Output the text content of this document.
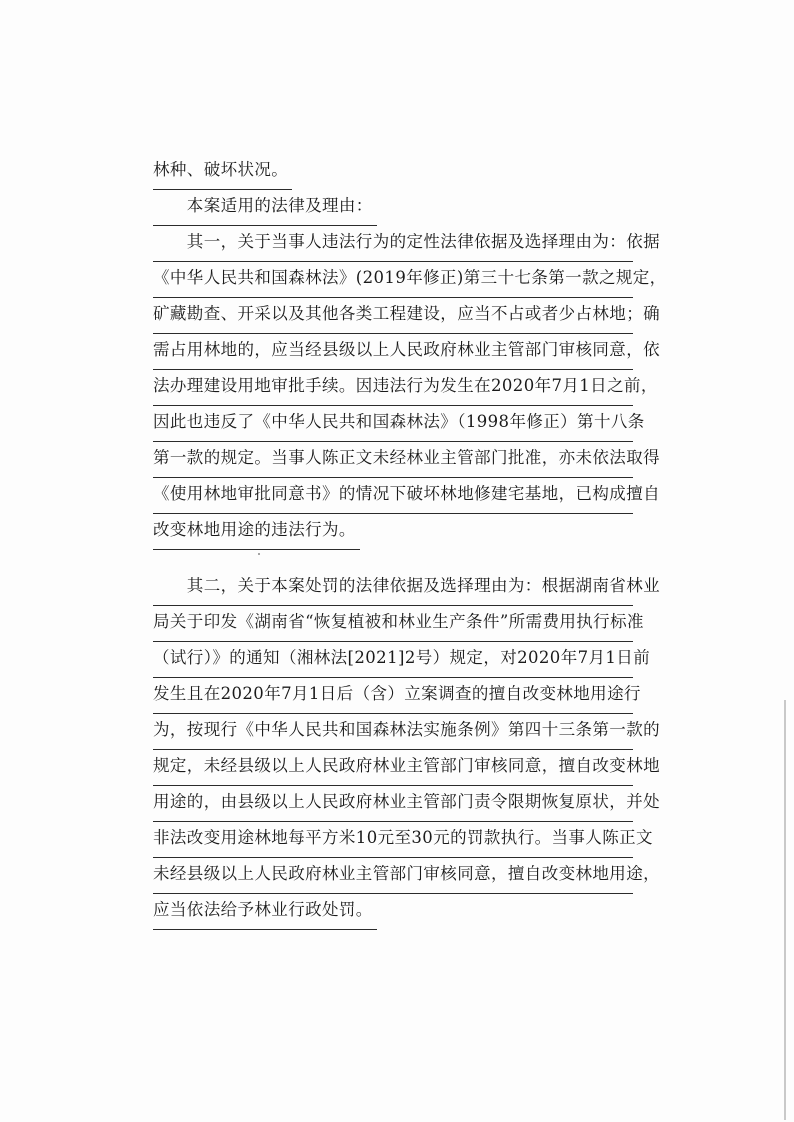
林种、破坏状况。
　　本案适用的法律及理由：
　　其一，关于当事人违法行为的定性法律依据及选择理由为：依据
《中华人民共和国森林法》(2019年修正)第三十七条第一款之规定，
矿藏勘查、开采以及其他各类工程建设，应当不占或者少占林地；确
需占用林地的，应当经县级以上人民政府林业主管部门审核同意，依
法办理建设用地审批手续。因违法行为发生在2020年7月1日之前，
因此也违反了《中华人民共和国森林法》（1998年修正）第十八条
第一款的规定。当事人陈正文未经林业主管部门批准，亦未依法取得
《使用林地审批同意书》的情况下破坏林地修建宅基地，已构成擅自
改变林地用途的违法行为。
　　其二，关于本案处罚的法律依据及选择理由为：根据湖南省林业
局关于印发《湖南省“恢复植被和林业生产条件”所需费用执行标准
（试行）》的通知（湘林法[2021]2号）规定，对2020年7月1日前
发生且在2020年7月1日后（含）立案调查的擅自改变林地用途行
为，按现行《中华人民共和国森林法实施条例》第四十三条第一款的
规定，未经县级以上人民政府林业主管部门审核同意，擅自改变林地
用途的，由县级以上人民政府林业主管部门责令限期恢复原状，并处
非法改变用途林地每平方米10元至30元的罚款执行。当事人陈正文
未经县级以上人民政府林业主管部门审核同意，擅自改变林地用途，
应当依法给予林业行政处罚。
